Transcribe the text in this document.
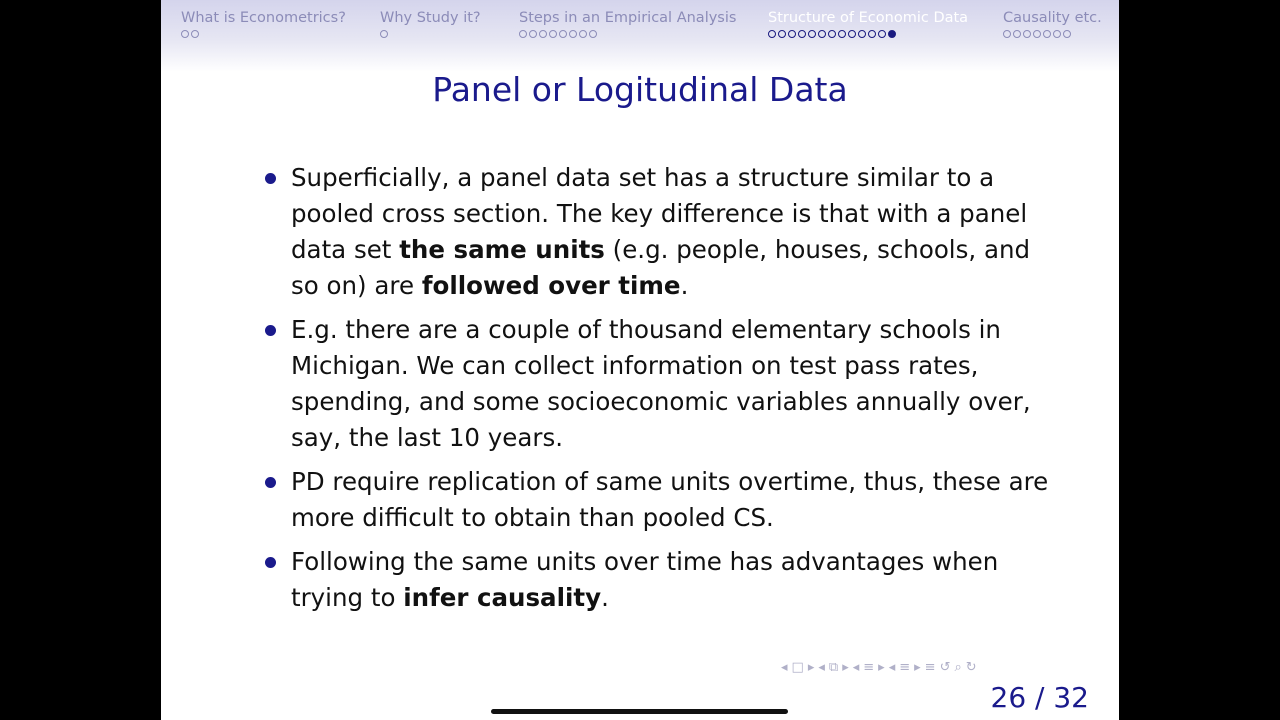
What is Econometrics? Why Study it?	Steps in an Empirical Analysis Structure of Economic Data Causality etc.
Panel or Logitudinal Data
Superficially, a panel data set has a structure similar to a pooled cross section. The key difference is that with a panel data set the same units (e.g. people, houses, schools, and so on) are followed over time.
E.g. there are a couple of thousand elementary schools in Michigan. We can collect information on test pass rates, spending, and some socioeconomic variables annually over, say, the last 10 years.
PD require replication of same units overtime, thus, these are more difficult to obtain than pooled CS.
Following the same units over time has advantages when trying to infer causality.
◂ □ ▸ ◂ ⧉ ▸ ◂ ≡ ▸ ◂ ≡ ▸ ≡ ↺ ⌕ ↻
26 / 32
